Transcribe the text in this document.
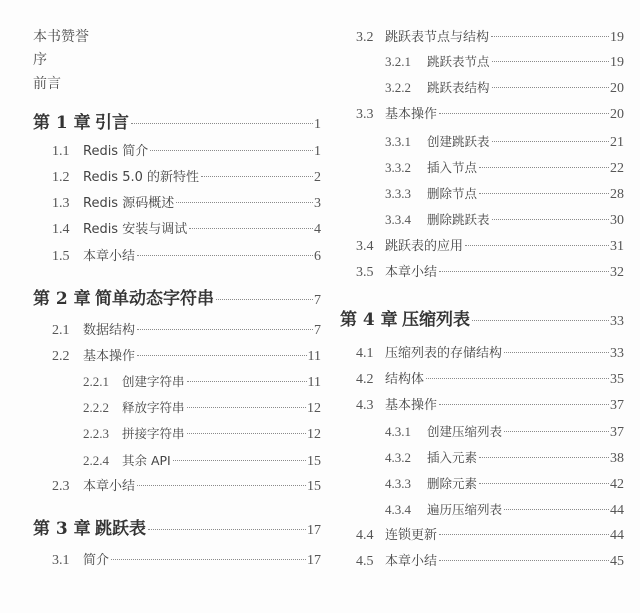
本书赞誉
序
前言
第 1 章 引言	1
1.1	Redis 简介	1
1.2	Redis 5.0 的新特性	2
1.3	Redis 源码概述	3
1.4	Redis 安装与调试	4
1.5	本章小结	6
第 2 章 简单动态字符串	7
2.1	数据结构	7
2.2	基本操作	11
2.2.1	创建字符串	11
2.2.2	释放字符串	12
2.2.3	拼接字符串	12
2.2.4	其余 API	15
2.3	本章小结	15
第 3 章 跳跃表	17
3.1	简介	17
3.2 跳跃表节点与结构	19
3.2.1	跳跃表节点	19
3.2.2	跳跃表结构	20
3.3 基本操作	20
3.3.1	创建跳跃表	21
3.3.2	插入节点	22
3.3.3	删除节点	28
3.3.4	删除跳跃表	30
3.4 跳跃表的应用	31
3.5 本章小结	32
第 4 章 压缩列表	33
4.1 压缩列表的存储结构	33
4.2 结构体	35
4.3 基本操作	37
4.3.1	创建压缩列表	37
4.3.2	插入元素	38
4.3.3	删除元素	42
4.3.4	遍历压缩列表	44
4.4 连锁更新	44
4.5 本章小结	45
